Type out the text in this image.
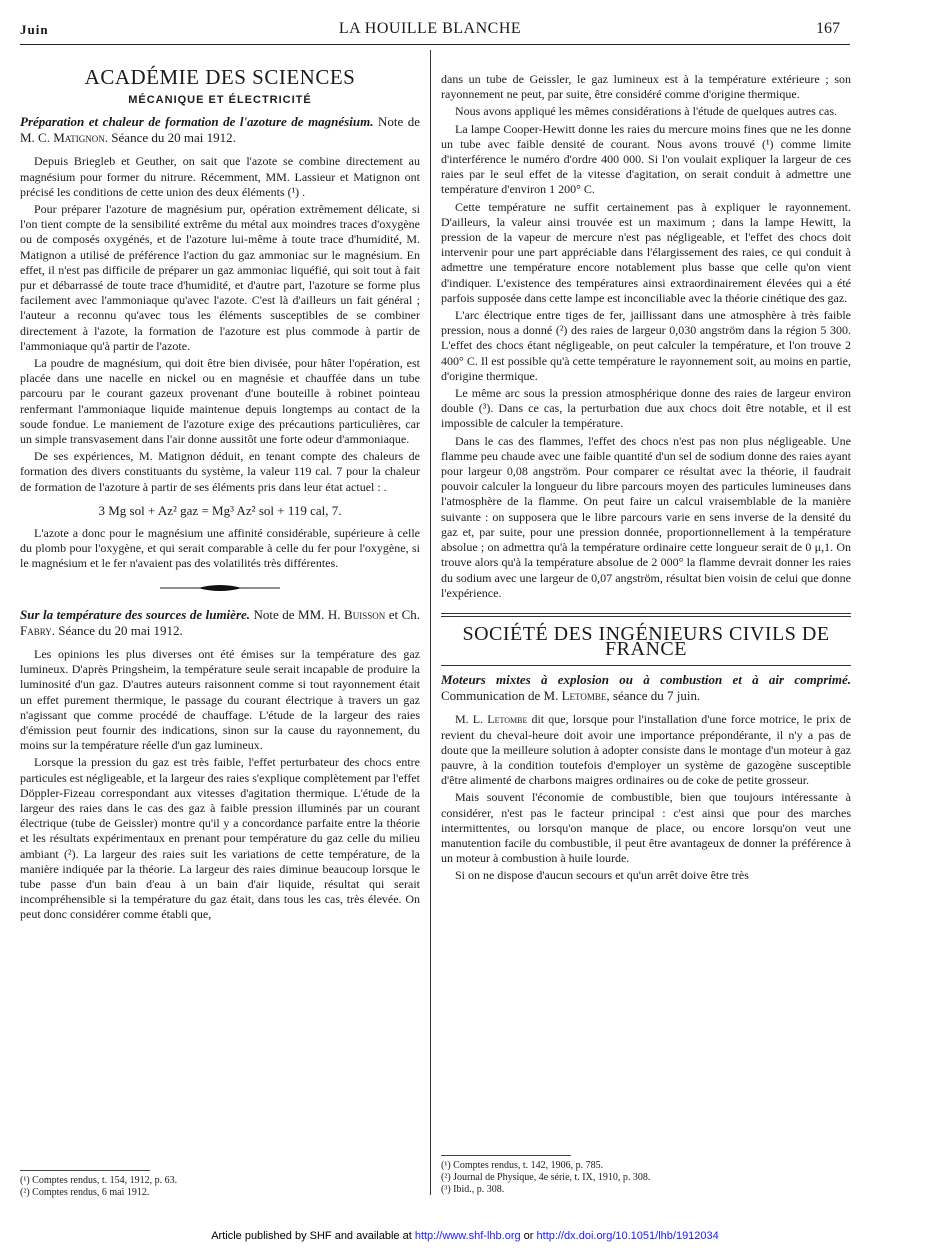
Juin	LA HOUILLE BLANCHE	167
ACADÉMIE DES SCIENCES
MÉCANIQUE ET ÉLECTRICITÉ
Préparation et chaleur de formation de l'azoture de magnésium. Note de M. C. Matignon. Séance du 20 mai 1912.

Depuis Briegleb et Geuther, on sait que l'azote se combine directement au magnésium pour former du nitrure. Récemment, MM. Lassieur et Matignon ont précisé les conditions de cette union des deux éléments (¹) .

Pour préparer l'azoture de magnésium pur, opération extrêmement délicate, si l'on tient compte de la sensibilité extrême du métal aux moindres traces d'oxygène ou de composés oxygénés, et de l'azoture lui-même à toute trace d'humidité, M. Matignon a utilisé de préférence l'action du gaz ammoniac sur le magnésium. En effet, il n'est pas difficile de préparer un gaz ammoniac liquéfié, qui soit tout à fait pur et débarrassé de toute trace d'humidité, et d'autre part, l'azoture se forme plus facilement avec l'ammoniaque qu'avec l'azote. C'est là d'ailleurs un fait général ; l'auteur a reconnu qu'avec tous les éléments susceptibles de se combiner directement à l'azote, la formation de l'azoture est plus commode à partir de l'ammoniaque qu'à partir de l'azote.

La poudre de magnésium, qui doit être bien divisée, pour hâter l'opération, est placée dans une nacelle en nickel ou en magnésie et chauffée dans un tube parcouru par le courant gazeux provenant d'une bouteille à robinet pointeau renfermant l'ammoniaque liquide maintenue depuis longtemps au contact de la soude fondue. Le maniement de l'azoture exige des précautions particulières, car un simple transvasement dans l'air donne aussitôt une forte odeur d'ammoniaque.

De ses expériences, M. Matignon déduit, en tenant compte des chaleurs de formation des divers constituants du système, la valeur 119 cal. 7 pour la chaleur de formation de l'azoture à partir de ses éléments pris dans leur état actuel : .

3 Mg sol + Az² gaz = Mg³ Az² sol + 119 cal, 7.

L'azote a donc pour le magnésium une affinité considérable, supérieure à celle du plomb pour l'oxygène, et qui serait comparable à celle du fer pour l'oxygène, si le magnésium et le fer n'avaient pas des volatilités très différentes.

Sur la température des sources de lumière. Note de MM. H. Buisson et Ch. Fabry. Séance du 20 mai 1912.

Les opinions les plus diverses ont été émises sur la température des gaz lumineux. D'après Pringsheim, la température seule serait incapable de produire la luminosité d'un gaz. D'autres auteurs raisonnent comme si tout rayonnement était un effet purement thermique, le passage du courant électrique à travers un gaz n'agissant que comme procédé de chauffage. L'étude de la largeur des raies d'émission peut fournir des indications, sinon sur la cause du rayonnement, du moins sur la température réelle d'un gaz lumineux.

Lorsque la pression du gaz est très faible, l'effet perturbateur des chocs entre particules est négligeable, et la largeur des raies s'explique complètement par l'effet Döppler-Fizeau correspondant aux vitesses d'agitation thermique. L'étude de la largeur des raies dans le cas des gaz à faible pression illuminés par un courant électrique (tube de Geissler) montre qu'il y a concordance parfaite entre la théorie et les résultats expérimentaux en prenant pour température du gaz celle du milieu ambiant (²). La largeur des raies suit les variations de cette température, de la manière indiquée par la théorie. La largeur des raies diminue beaucoup lorsque le tube passe d'un bain d'eau à un bain d'air liquide, résultat qui serait incompréhensible si la température du gaz était, dans tous les cas, très élevée. On peut donc considérer comme établi que,

(¹) Comptes rendus, t. 154, 1912, p. 63.
(²) Comptes rendus, 6 mai 1912.

dans un tube de Geissler, le gaz lumineux est à la température extérieure ; son rayonnement ne peut, par suite, être considéré comme d'origine thermique.

Nous avons appliqué les mêmes considérations à l'étude de quelques autres cas.

La lampe Cooper-Hewitt donne les raies du mercure moins fines que ne les donne un tube avec faible densité de courant. Nous avons trouvé (¹) comme limite d'interférence le numéro d'ordre 400 000. Si l'on voulait expliquer la largeur de ces raies par le seul effet de la vitesse d'agitation, on serait conduit à admettre une température d'environ 1 200° C.

Cette température ne suffit certainement pas à expliquer le rayonnement. D'ailleurs, la valeur ainsi trouvée est un maximum ; dans la lampe Hewitt, la pression de la vapeur de mercure n'est pas négligeable, et l'effet des chocs doit intervenir pour une part appréciable dans l'élargissement des raies, ce qui conduit à admettre une température encore notablement plus basse que celle qu'on vient d'indiquer. L'existence des températures ainsi extraordinairement élevées qui a été parfois supposée dans cette lampe est inconciliable avec la théorie cinétique des gaz.

L'arc électrique entre tiges de fer, jaillissant dans une atmosphère à très faible pression, nous a donné (²) des raies de largeur 0,030 angström dans la région 5 300. L'effet des chocs étant négligeable, on peut calculer la température, et l'on trouve 2 400° C. Il est possible qu'à cette température le rayonnement soit, au moins en partie, d'origine thermique.

Le même arc sous la pression atmosphérique donne des raies de largeur environ double (³). Dans ce cas, la perturbation due aux chocs doit être notable, et il est impossible de calculer la température.

Dans le cas des flammes, l'effet des chocs n'est pas non plus négligeable. Une flamme peu chaude avec une faible quantité d'un sel de sodium donne des raies ayant pour largeur 0,08 angström. Pour comparer ce résultat avec la théorie, il faudrait pouvoir calculer la longueur du libre parcours moyen des particules lumineuses dans l'atmosphère de la flamme. On peut faire un calcul vraisemblable de la manière suivante : on supposera que le libre parcours varie en sens inverse de la densité du gaz et, par suite, pour une pression donnée, proportionnellement à la température absolue ; on admettra qu'à la température ordinaire cette longueur serait de 0 μ,1. On trouve alors qu'à la température absolue de 2 000° la flamme devrait donner les raies du sodium avec une largeur de 0,07 angström, résultat bien voisin de celui que donne l'expérience.

SOCIÉTÉ DES INGÉNIEURS CIVILS DE FRANCE
Moteurs mixtes à explosion ou à combustion et à air comprimé. Communication de M. Letombe, séance du 7 juin.

M. L. Letombe dit que, lorsque pour l'installation d'une force motrice, le prix de revient du cheval-heure doit avoir une importance prépondérante, il n'y a pas de doute que la meilleure solution à adopter consiste dans le montage d'un moteur à gaz pauvre, à la condition toutefois d'employer un système de gazogène susceptible d'être alimenté de charbons maigres ordinaires ou de coke de petite grosseur.

Mais souvent l'économie de combustible, bien que toujours intéressante à considérer, n'est pas le facteur principal : c'est ainsi que pour des marches intermittentes, ou lorsqu'on manque de place, ou encore lorsqu'on veut une manutention facile du combustible, il peut être avantageux de donner la préférence à un moteur à combustion à huile lourde.

Si on ne dispose d'aucun secours et qu'un arrêt doive être très

(¹) Comptes rendus, t. 142, 1906, p. 785.
(²) Journal de Physique, 4e série, t. IX, 1910, p. 308.
(³) Ibid., p. 308.
Article published by SHF and available at http://www.shf-lhb.org or http://dx.doi.org/10.1051/lhb/1912034
